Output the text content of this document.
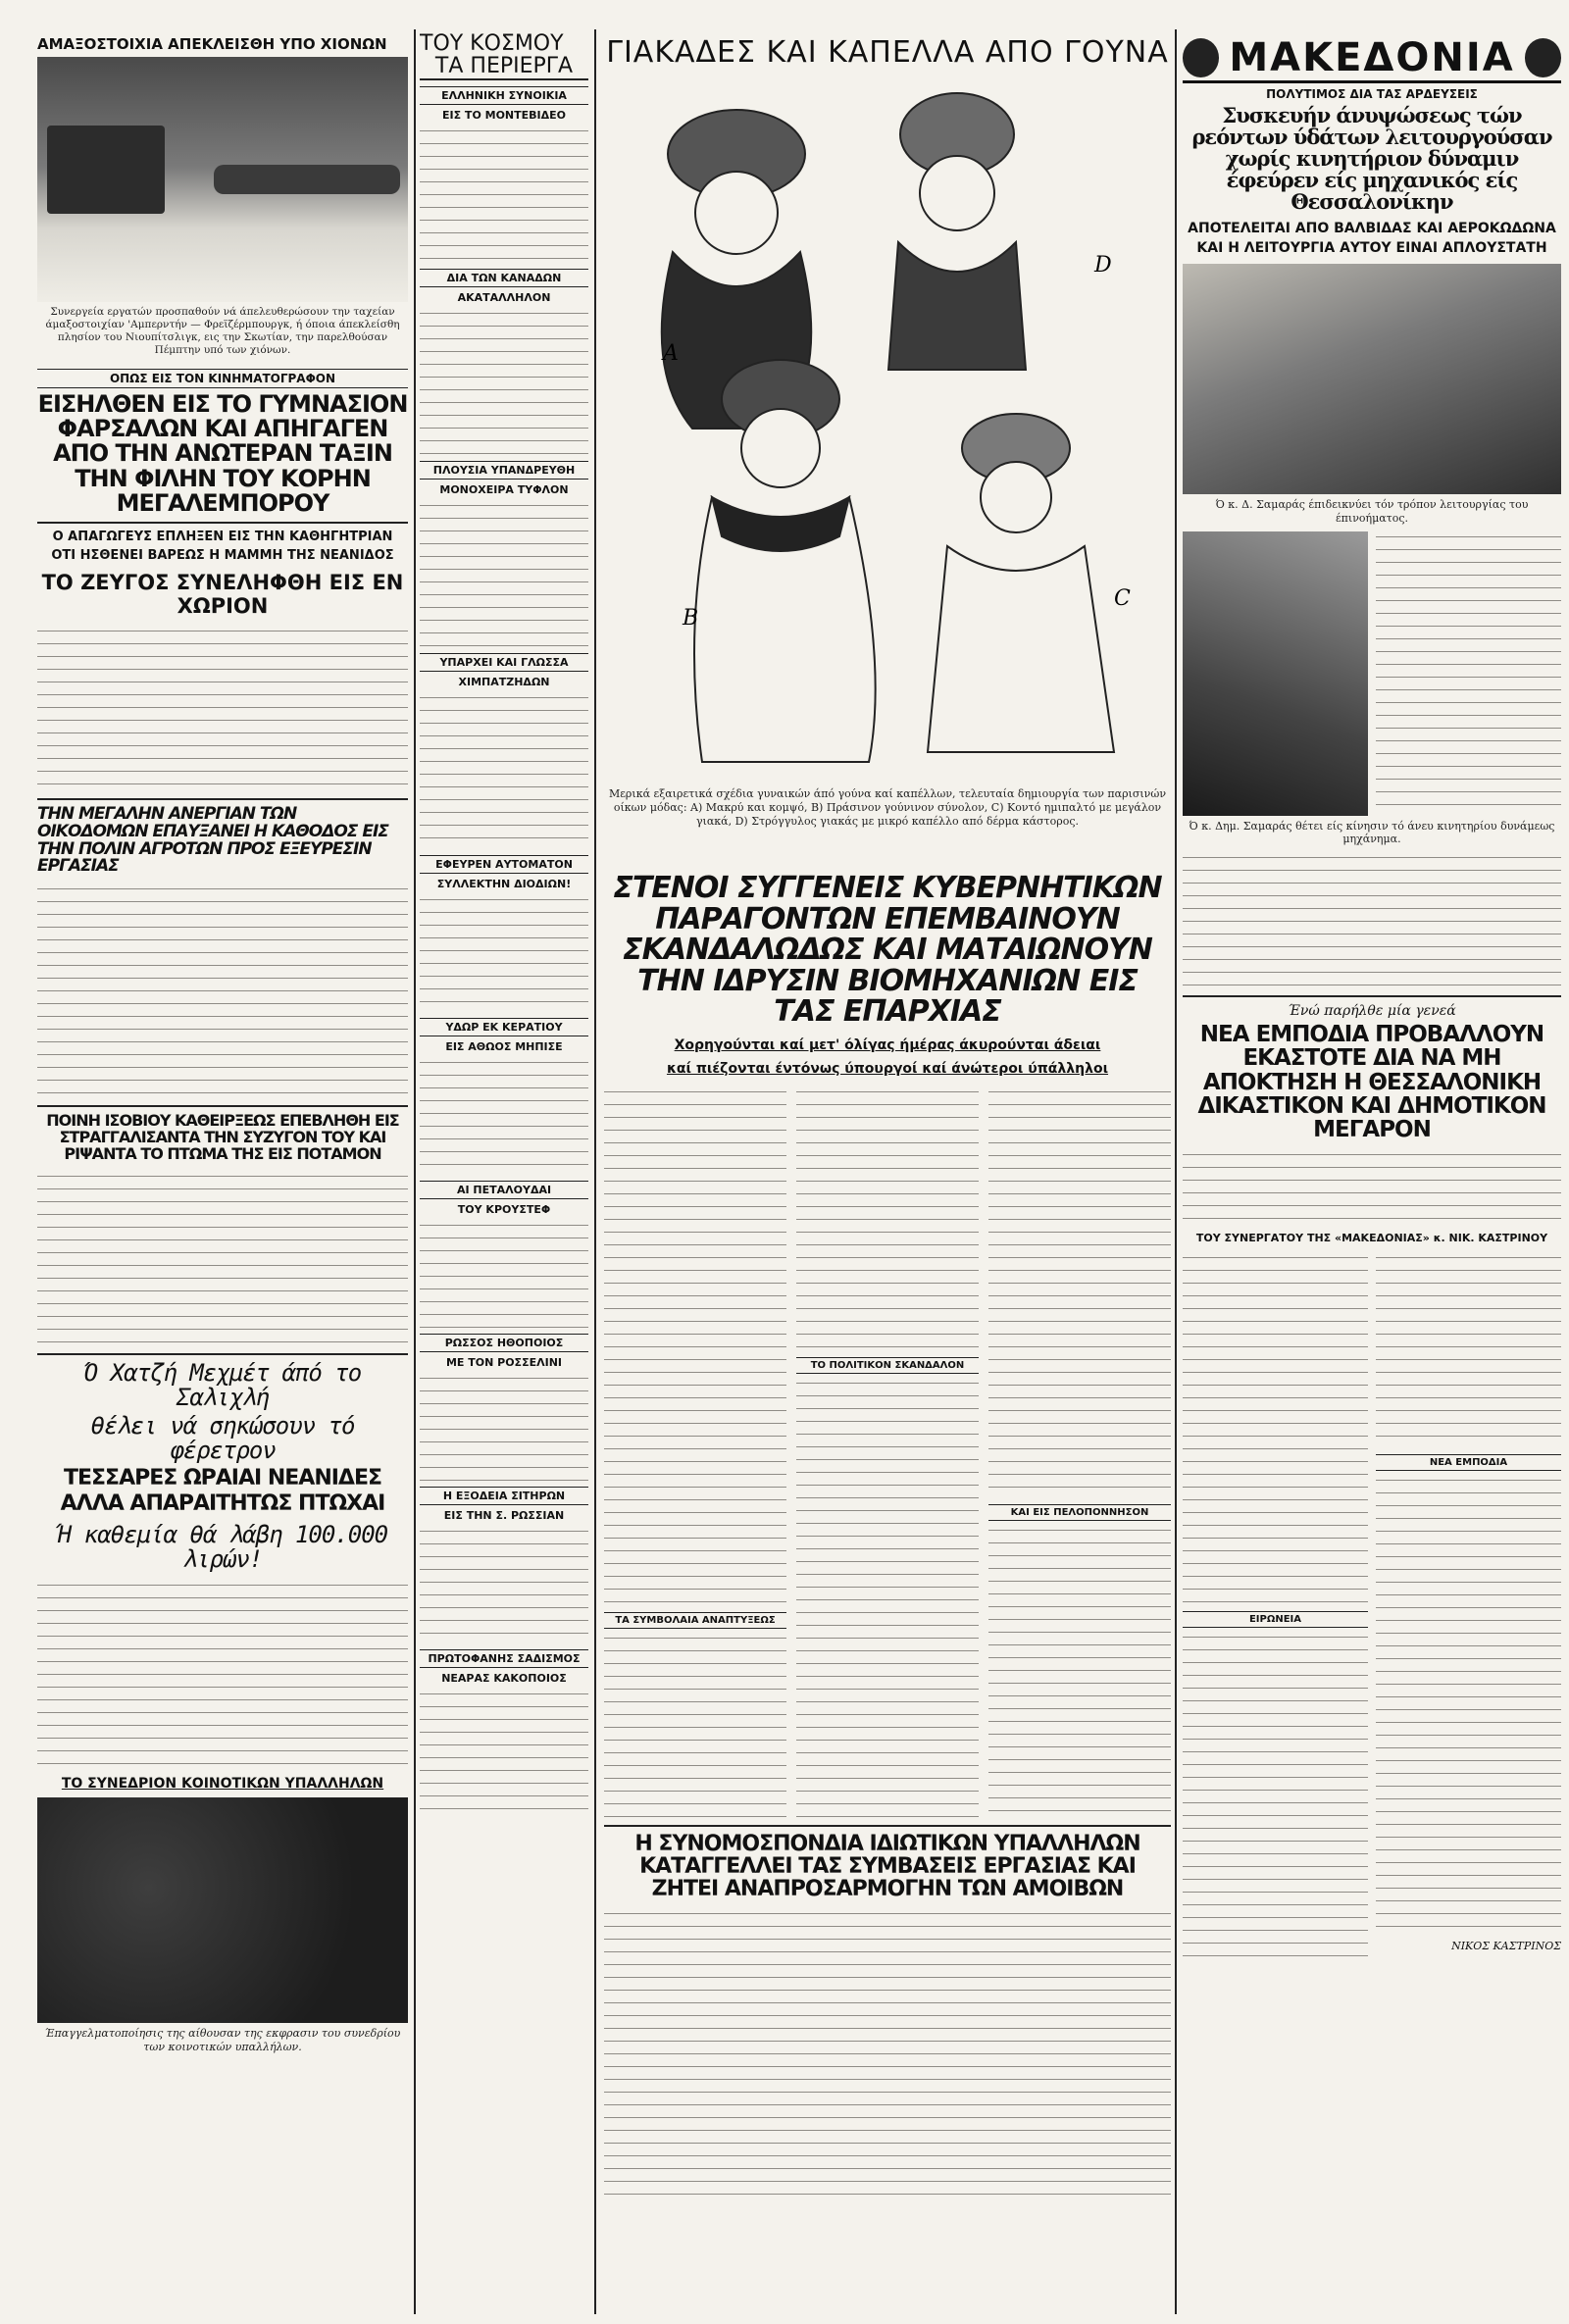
ΑΜΑΞΟΣΤΟΙΧΙΑ ΑΠΕΚΛΕΙΣΘΗ ΥΠΟ ΧΙΟΝΩΝ
Συνεργεία εργατών προσπαθούν νά άπελευθερώσουν την ταχείαν άμαξοστοιχίαν 'Αμπερντήν — Φρεϊζέρμπουργκ, ή όποια άπεκλείσθη πλησίον του Νιουπίτσλιγκ, εις την Σκωτίαν, την παρελθούσαν Πέμπτην υπό των χιόνων.
ΟΠΩΣ ΕΙΣ ΤΟΝ ΚΙΝΗΜΑΤΟΓΡΑΦΟΝ
ΕΙΣΗΛΘΕΝ ΕΙΣ ΤΟ ΓΥΜΝΑΣΙΟΝ ΦΑΡΣΑΛΩΝ ΚΑΙ ΑΠΗΓΑΓΕΝ ΑΠΟ ΤΗΝ ΑΝΩΤΕΡΑΝ ΤΑΞΙΝ ΤΗΝ ΦΙΛΗΝ ΤΟΥ ΚΟΡΗΝ ΜΕΓΑΛΕΜΠΟΡΟΥ
Ο ΑΠΑΓΩΓΕΥΣ ΕΠΛΗΞΕΝ ΕΙΣ ΤΗΝ ΚΑΘΗΓΗΤΡΙΑΝ
ΟΤΙ ΗΣΘΕΝΕΙ ΒΑΡΕΩΣ Η ΜΑΜΜΗ ΤΗΣ ΝΕΑΝΙΔΟΣ
ΤΟ ΖΕΥΓΟΣ ΣΥΝΕΛΗΦΘΗ ΕΙΣ ΕΝ ΧΩΡΙΟΝ
ΤΗΝ ΜΕΓΑΛΗΝ ΑΝΕΡΓΙΑΝ ΤΩΝ ΟΙΚΟΔΟΜΩΝ ΕΠΑΥΞΑΝΕΙ Η ΚΑΘΟΔΟΣ ΕΙΣ ΤΗΝ ΠΟΛΙΝ ΑΓΡΟΤΩΝ ΠΡΟΣ ΕΞΕΥΡΕΣΙΝ ΕΡΓΑΣΙΑΣ
ΠΟΙΝΗ ΙΣΟΒΙΟΥ ΚΑΘΕΙΡΞΕΩΣ ΕΠΕΒΛΗΘΗ ΕΙΣ ΣΤΡΑΓΓΑΛΙΣΑΝΤΑ ΤΗΝ ΣΥΖΥΓΟΝ ΤΟΥ ΚΑΙ ΡΙΨΑΝΤΑ ΤΟ ΠΤΩΜΑ ΤΗΣ ΕΙΣ ΠΟΤΑΜΟΝ
Ό Χατζή Μεχμέτ άπό το Σαλιχλή
θέλει νά σηκώσουν τό φέρετρον
ΤΕΣΣΑΡΕΣ ΩΡΑΙΑΙ ΝΕΑΝΙΔΕΣ
ΑΛΛΑ ΑΠΑΡΑΙΤΗΤΩΣ ΠΤΩΧΑΙ
Ή καθεμία θά λάβη 100.000 λιρών!
ΤΟ ΣΥΝΕΔΡΙΟΝ ΚΟΙΝΟΤΙΚΩΝ ΥΠΑΛΛΗΛΩΝ
Έπαγγελματοποίησις της αίθουσαν της εκφρασιν του συνεδρίου των κοινοτικών υπαλλήλων.
ΤΟΥ ΚΟΣΜΟΥ
ΤΑ ΠΕΡΙΕΡΓΑ
ΕΛΛΗΝΙΚΗ ΣΥΝΟΙΚΙΑ
ΕΙΣ ΤΟ ΜΟΝΤΕΒΙΔΕΟ
ΔΙΑ ΤΩΝ ΚΑΝΑΔΩΝ
ΑΚΑΤΑΛΛΗΛΟΝ
ΠΛΟΥΣΙΑ ΥΠΑΝΔΡΕΥΘΗ
ΜΟΝΟΧΕΙΡΑ ΤΥΦΛΟΝ
ΥΠΑΡΧΕΙ ΚΑΙ ΓΛΩΣΣΑ
ΧΙΜΠΑΤΖΗΔΩΝ
ΕΦΕΥΡΕΝ ΑΥΤΟΜΑΤΟΝ
ΣΥΛΛΕΚΤΗΝ ΔΙΟΔΙΩΝ!
ΥΔΩΡ ΕΚ ΚΕΡΑΤΙΟΥ
ΕΙΣ ΑΘΩΟΣ ΜΗΠΙΣΕ
ΑΙ ΠΕΤΑΛΟΥΔΑΙ
ΤΟΥ ΚΡΟΥΣΤΕΦ
ΡΩΣΣΟΣ ΗΘΟΠΟΙΟΣ
ΜΕ ΤΟΝ ΡΟΣΣΕΛΙΝΙ
Η ΕΞΟΔΕΙΑ ΣΙΤΗΡΩΝ
ΕΙΣ ΤΗΝ Σ. ΡΩΣΣΙΑΝ
ΠΡΩΤΟΦΑΝΗΣ ΣΑΔΙΣΜΟΣ
ΝΕΑΡΑΣ ΚΑΚΟΠΟΙΟΣ
ΓΙΑΚΑΔΕΣ ΚΑΙ ΚΑΠΕΛΛΑ ΑΠΟ ΓΟΥΝΑ
A
B
C
D
Μερικά εξαιρετικά σχέδια γυναικών άπό γούνα καί καπέλλων, τελευταία δημιουργία των παρισινών οίκων μόδας: Α) Μακρύ και κομψό, Β) Πράσινον γούνινον σύνολον, C) Κοντό ημιπαλτό με μεγάλον γιακά, D) Στρόγγυλος γιακάς με μικρό καπέλλο από δέρμα κάστορος.
ΣΤΕΝΟΙ ΣΥΓΓΕΝΕΙΣ ΚΥΒΕΡΝΗΤΙΚΩΝ ΠΑΡΑΓΟΝΤΩΝ ΕΠΕΜΒΑΙΝΟΥΝ ΣΚΑΝΔΑΛΩΔΩΣ ΚΑΙ ΜΑΤΑΙΩΝΟΥΝ ΤΗΝ ΙΔΡΥΣΙΝ ΒΙΟΜΗΧΑΝΙΩΝ ΕΙΣ ΤΑΣ ΕΠΑΡΧΙΑΣ
Χορηγούνται καί μετ' όλίγας ήμέρας άκυρούνται άδειαι
καί πιέζονται έντόνως ύπουργοί καί άνώτεροι ύπάλληλοι
ΤΑ ΣΥΜΒΟΛΑΙΑ ΑΝΑΠΤΥΞΕΩΣ
ΤΟ ΠΟΛΙΤΙΚΟΝ ΣΚΑΝΔΑΛΟΝ
ΚΑΙ ΕΙΣ ΠΕΛΟΠΟΝΝΗΣΟΝ
Η ΣΥΝΟΜΟΣΠΟΝΔΙΑ ΙΔΙΩΤΙΚΩΝ ΥΠΑΛΛΗΛΩΝ ΚΑΤΑΓΓΕΛΛΕΙ ΤΑΣ ΣΥΜΒΑΣΕΙΣ ΕΡΓΑΣΙΑΣ ΚΑΙ ΖΗΤΕΙ ΑΝΑΠΡΟΣΑΡΜΟΓΗΝ ΤΩΝ ΑΜΟΙΒΩΝ
ΜΑΚΕΔΟΝΙΑ
ΠΟΛΥΤΙΜΟΣ ΔΙΑ ΤΑΣ ΑΡΔΕΥΣΕΙΣ
Συσκευήν άνυψώσεως τών ρεόντων ύδάτων λειτουργούσαν χωρίς κινητήριον δύναμιν έφεύρεν είς μηχανικός είς Θεσσαλονίκην
ΑΠΟΤΕΛΕΙΤΑΙ ΑΠΟ ΒΑΛΒΙΔΑΣ ΚΑΙ ΑΕΡΟΚΩΔΩΝΑ
ΚΑΙ Η ΛΕΙΤΟΥΡΓΙΑ ΑΥΤΟΥ ΕΙΝΑΙ ΑΠΛΟΥΣΤΑΤΗ
Ό κ. Δ. Σαμαράς έπιδεικνύει τόν τρόπον λειτουργίας του έπινοήματος.
Ό κ. Δημ. Σαμαράς θέτει είς κίνησιν τό άνευ κινητηρίου δυνάμεως μηχάνημα.
Ένώ παρήλθε μία γενεά
ΝΕΑ ΕΜΠΟΔΙΑ ΠΡΟΒΑΛΛΟΥΝ ΕΚΑΣΤΟΤΕ ΔΙΑ ΝΑ ΜΗ ΑΠΟΚΤΗΣΗ Η ΘΕΣΣΑΛΟΝΙΚΗ ΔΙΚΑΣΤΙΚΟΝ ΚΑΙ ΔΗΜΟΤΙΚΟΝ ΜΕΓΑΡΟΝ
ΤΟΥ ΣΥΝΕΡΓΑΤΟΥ ΤΗΣ «ΜΑΚΕΔΟΝΙΑΣ» κ. ΝΙΚ. ΚΑΣΤΡΙΝΟΥ
ΕΙΡΩΝΕΙΑ
ΝΕΑ ΕΜΠΟΔΙΑ
ΝΙΚΟΣ ΚΑΣΤΡΙΝΟΣ
